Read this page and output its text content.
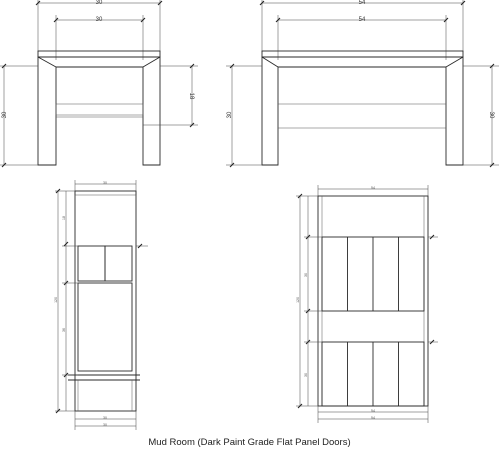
30
30
30
18
54
54
30	30
30
120
18
36
30
30
54
120
30
30
54
54
Mud Room (Dark Paint Grade Flat Panel Doors)
